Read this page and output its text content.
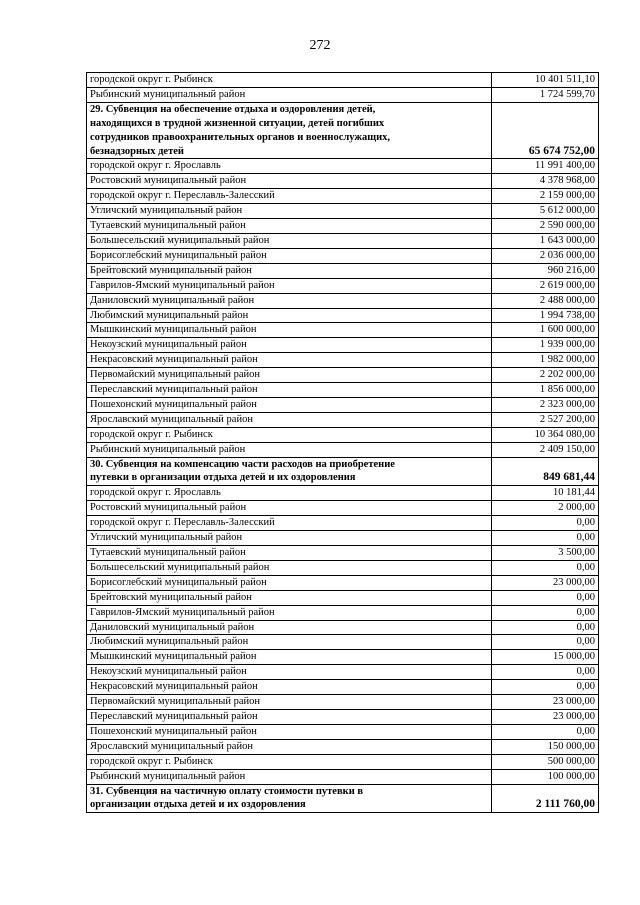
272
городской округ г. Рыбинск	10 401 511,10
Рыбинский муниципальный район	1 724 599,70
29. Субвенция на обеспечение отдыха и оздоровления детей,
находящихся в трудной жизненной ситуации, детей погибших
сотрудников правоохранительных органов и военнослужащих,
безнадзорных детей	65 674 752,00
городской округ г. Ярославль	11 991 400,00
Ростовский муниципальный район	4 378 968,00
городской округ г. Переславль-Залесский	2 159 000,00
Угличский муниципальный район	5 612 000,00
Тутаевский муниципальный район	2 590 000,00
Большесельский муниципальный район	1 643 000,00
Борисоглебский муниципальный район	2 036 000,00
Брейтовский муниципальный район	960 216,00
Гаврилов-Ямский муниципальный район	2 619 000,00
Даниловский муниципальный район	2 488 000,00
Любимский муниципальный район	1 994 738,00
Мышкинский муниципальный район	1 600 000,00
Некоузский муниципальный район	1 939 000,00
Некрасовский муниципальный район	1 982 000,00
Первомайский муниципальный район	2 202 000,00
Переславский муниципальный район	1 856 000,00
Пошехонский муниципальный район	2 323 000,00
Ярославский муниципальный район	2 527 200,00
городской округ г. Рыбинск	10 364 080,00
Рыбинский муниципальный район	2 409 150,00
30. Субвенция на компенсацию части расходов на приобретение
путевки в организации отдыха детей и их оздоровления	849 681,44
городской округ г. Ярославль	10 181,44
Ростовский муниципальный район	2 000,00
городской округ г. Переславль-Залесский	0,00
Угличский муниципальный район	0,00
Тутаевский муниципальный район	3 500,00
Большесельский муниципальный район	0,00
Борисоглебский муниципальный район	23 000,00
Брейтовский муниципальный район	0,00
Гаврилов-Ямский муниципальный район	0,00
Даниловский муниципальный район	0,00
Любимский муниципальный район	0,00
Мышкинский муниципальный район	15 000,00
Некоузский муниципальный район	0,00
Некрасовский муниципальный район	0,00
Первомайский муниципальный район	23 000,00
Переславский муниципальный район	23 000,00
Пошехонский муниципальный район	0,00
Ярославский муниципальный район	150 000,00
городской округ г. Рыбинск	500 000,00
Рыбинский муниципальный район	100 000,00
31. Субвенция на частичную оплату стоимости путевки в
организации отдыха детей и их оздоровления	2 111 760,00
